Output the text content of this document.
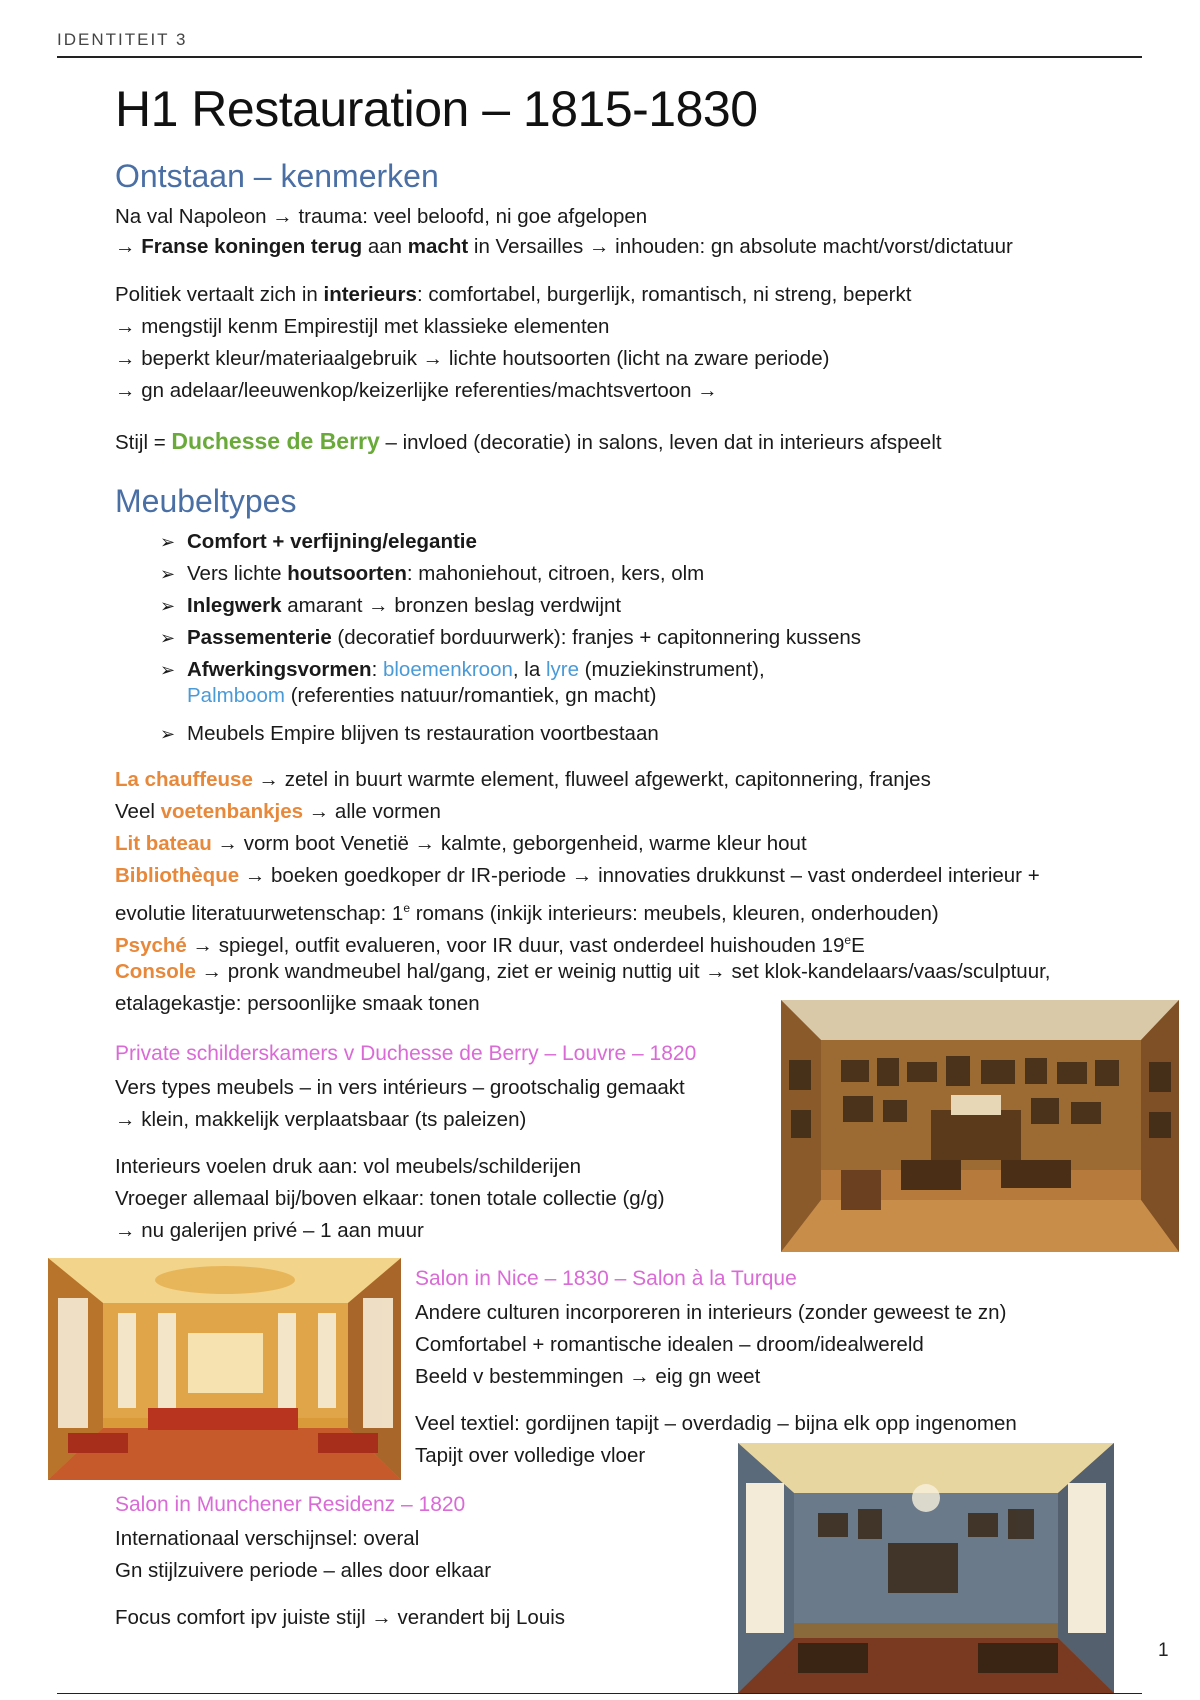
IDENTITEIT 3
H1 Restauration – 1815-1830
Ontstaan – kenmerken
Na val Napoleon → trauma: veel beloofd, ni goe afgelopen
→ Franse koningen terug aan macht in Versailles → inhouden: gn absolute macht/vorst/dictatuur
Politiek vertaalt zich in interieurs: comfortabel, burgerlijk, romantisch, ni streng, beperkt
→ mengstijl kenm Empirestijl met klassieke elementen
→ beperkt kleur/materiaalgebruik → lichte houtsoorten (licht na zware periode)
→ gn adelaar/leeuwenkop/keizerlijke referenties/machtsvertoon →
Stijl = Duchesse de Berry – invloed (decoratie) in salons, leven dat in interieurs afspeelt
Meubeltypes
➢ Comfort + verfijning/elegantie
➢ Vers lichte houtsoorten: mahoniehout, citroen, kers, olm
➢ Inlegwerk amarant → bronzen beslag verdwijnt
➢ Passementerie (decoratief borduurwerk): franjes + capitonnering kussens
➢ Afwerkingsvormen: bloemenkroon, la lyre (muziekinstrument),
Palmboom (referenties natuur/romantiek, gn macht)
➢ Meubels Empire blijven ts restauration voortbestaan
La chauffeuse → zetel in buurt warmte element, fluweel afgewerkt, capitonnering, franjes
Veel voetenbankjes → alle vormen
Lit bateau → vorm boot Venetië → kalmte, geborgenheid, warme kleur hout
Bibliothèque → boeken goedkoper dr IR-periode → innovaties drukkunst – vast onderdeel interieur +
evolutie literatuurwetenschap: 1e romans (inkijk interieurs: meubels, kleuren, onderhouden)
Psyché → spiegel, outfit evalueren, voor IR duur, vast onderdeel huishouden 19eE
Console → pronk wandmeubel hal/gang, ziet er weinig nuttig uit → set klok-kandelaars/vaas/sculptuur,
etalagekastje: persoonlijke smaak tonen
Private schilderskamers v Duchesse de Berry – Louvre – 1820
Vers types meubels – in vers intérieurs – grootschalig gemaakt
→ klein, makkelijk verplaatsbaar (ts paleizen)
Interieurs voelen druk aan: vol meubels/schilderijen
Vroeger allemaal bij/boven elkaar: tonen totale collectie (g/g)
→ nu galerijen privé – 1 aan muur
Salon in Nice – 1830 – Salon à la Turque
Andere culturen incorporeren in interieurs (zonder geweest te zn)
Comfortabel + romantische idealen – droom/idealwereld
Beeld v bestemmingen → eig gn weet
Veel textiel: gordijnen tapijt – overdadig – bijna elk opp ingenomen
Tapijt over volledige vloer
Salon in Munchener Residenz – 1820
Internationaal verschijnsel: overal
Gn stijlzuivere periode – alles door elkaar
Focus comfort ipv juiste stijl → verandert bij Louis
1
